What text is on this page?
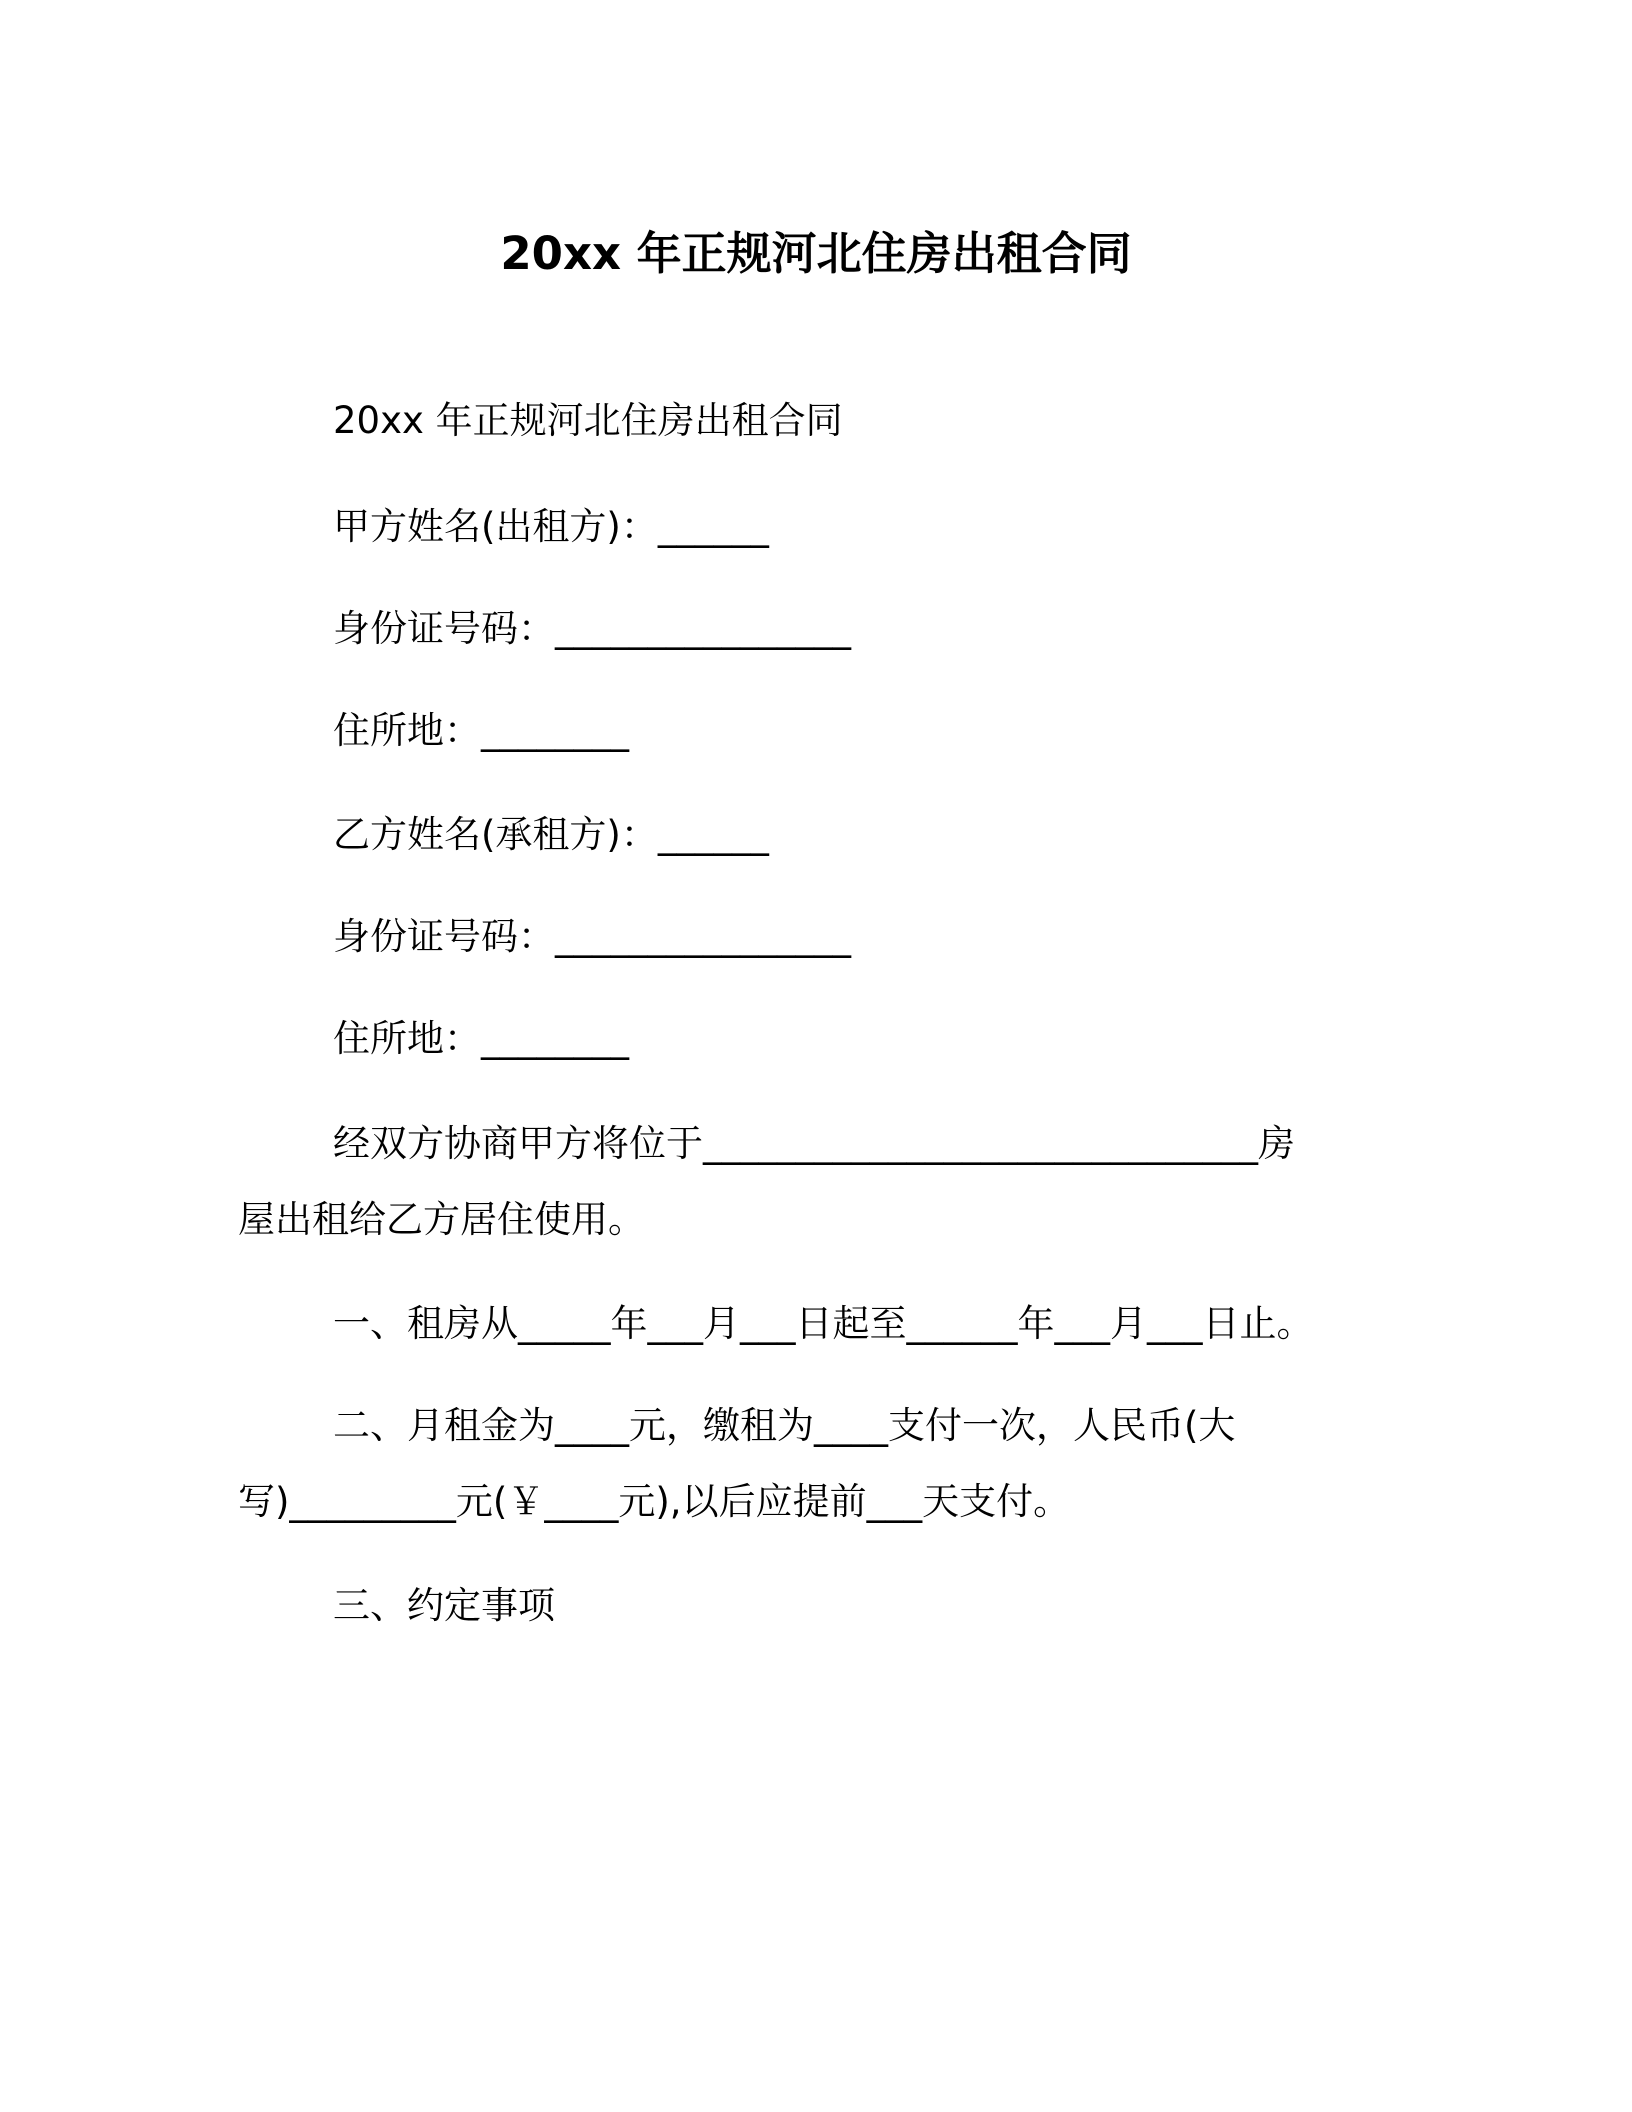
20xx 年正规河北住房出租合同
20xx 年正规河北住房出租合同
甲方姓名(出租方)：______
身份证号码：________________
住所地：________
乙方姓名(承租方)：______
身份证号码：________________
住所地：________
经双方协商甲方将位于______________________________房
屋出租给乙方居住使用。
一、租房从_____年___月___日起至______年___月___日止。
二、月租金为____元，缴租为____支付一次，人民币(大
写)_________元(￥____元),以后应提前___天支付。
三、约定事项
